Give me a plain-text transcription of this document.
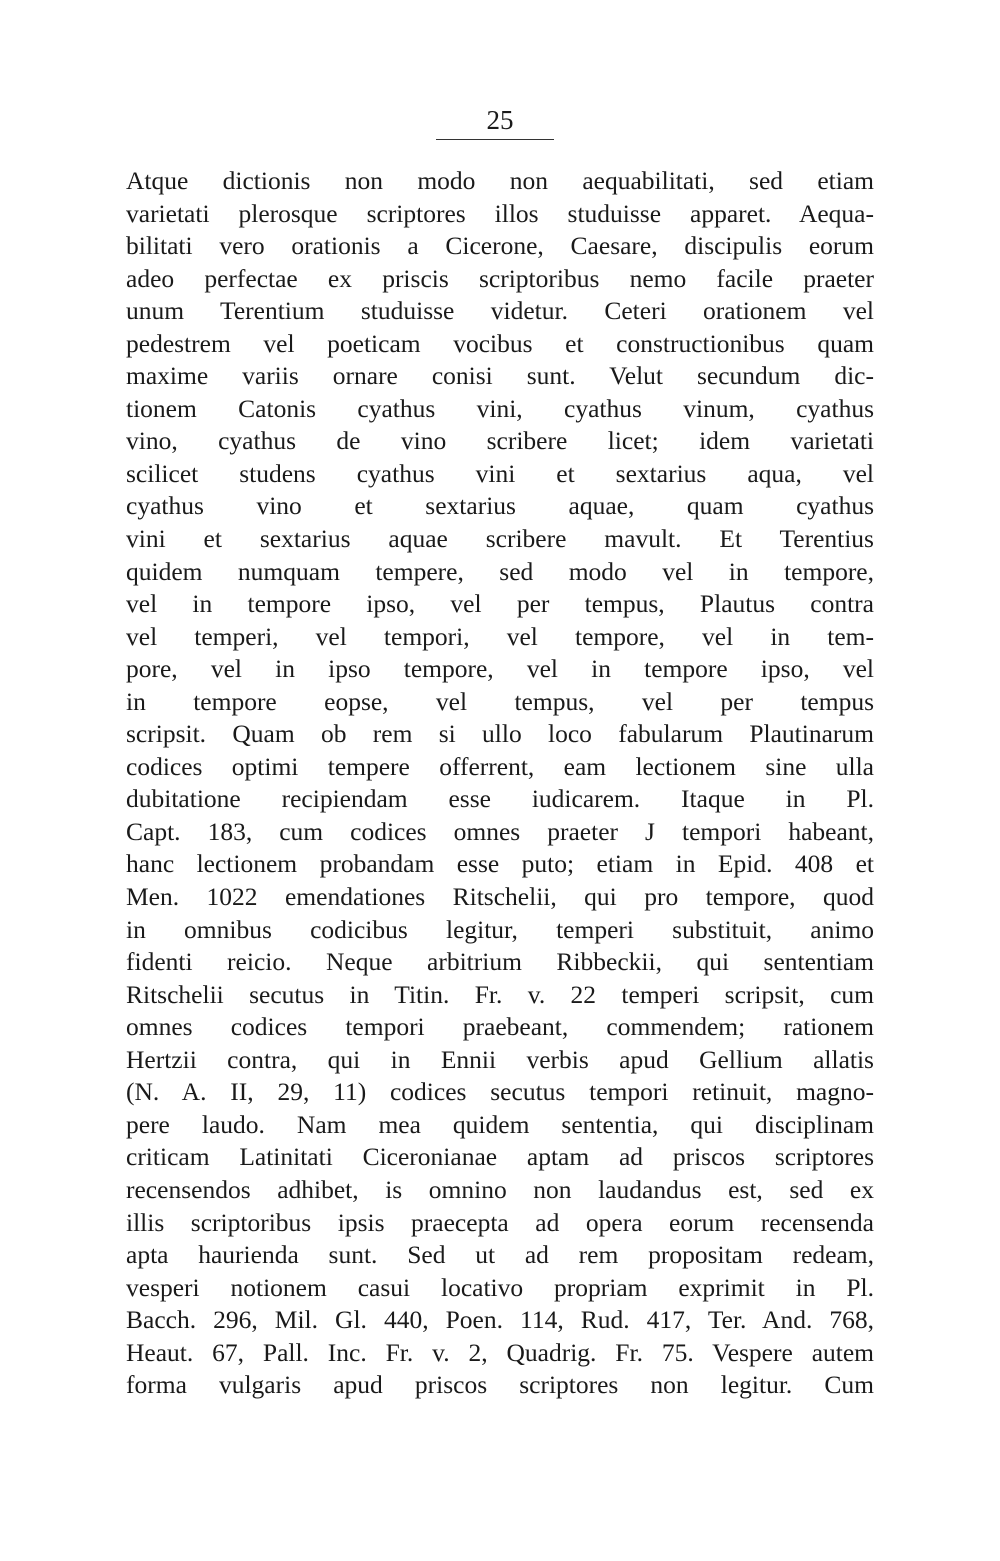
25
Atque dictionis non modo non aequabilitati, sed etiam
varietati plerosque scriptores illos studuisse apparet. Aequa-
bilitati vero orationis a Cicerone, Caesare, discipulis eorum
adeo perfectae ex priscis scriptoribus nemo facile praeter
unum Terentium studuisse videtur. Ceteri orationem vel
pedestrem vel poeticam vocibus et constructionibus quam
maxime variis ornare conisi sunt. Velut secundum dic-
tionem Catonis cyathus vini, cyathus vinum, cyathus
vino, cyathus de vino scribere licet; idem varietati
scilicet studens cyathus vini et sextarius aqua, vel
cyathus vino et sextarius aquae, quam cyathus
vini et sextarius aquae scribere mavult. Et Terentius
quidem numquam tempere, sed modo vel in tempore,
vel in tempore ipso, vel per tempus, Plautus contra
vel temperi, vel tempori, vel tempore, vel in tem-
pore, vel in ipso tempore, vel in tempore ipso, vel
in tempore eopse, vel tempus, vel per tempus
scripsit. Quam ob rem si ullo loco fabularum Plautinarum
codices optimi tempere offerrent, eam lectionem sine ulla
dubitatione recipiendam esse iudicarem. Itaque in Pl.
Capt. 183, cum codices omnes praeter J tempori habeant,
hanc lectionem probandam esse puto; etiam in Epid. 408 et
Men. 1022 emendationes Ritschelii, qui pro tempore, quod
in omnibus codicibus legitur, temperi substituit, animo
fidenti reicio. Neque arbitrium Ribbeckii, qui sententiam
Ritschelii secutus in Titin. Fr. v. 22 temperi scripsit, cum
omnes codices tempori praebeant, commendem; rationem
Hertzii contra, qui in Ennii verbis apud Gellium allatis
(N. A. II, 29, 11) codices secutus tempori retinuit, magno-
pere laudo. Nam mea quidem sententia, qui disciplinam
criticam Latinitati Ciceronianae aptam ad priscos scriptores
recensendos adhibet, is omnino non laudandus est, sed ex
illis scriptoribus ipsis praecepta ad opera eorum recensenda
apta haurienda sunt. Sed ut ad rem propositam redeam,
vesperi notionem casui locativo propriam exprimit in Pl.
Bacch. 296, Mil. Gl. 440, Poen. 114, Rud. 417, Ter. And. 768,
Heaut. 67, Pall. Inc. Fr. v. 2, Quadrig. Fr. 75. Vespere autem
forma vulgaris apud priscos scriptores non legitur. Cum
